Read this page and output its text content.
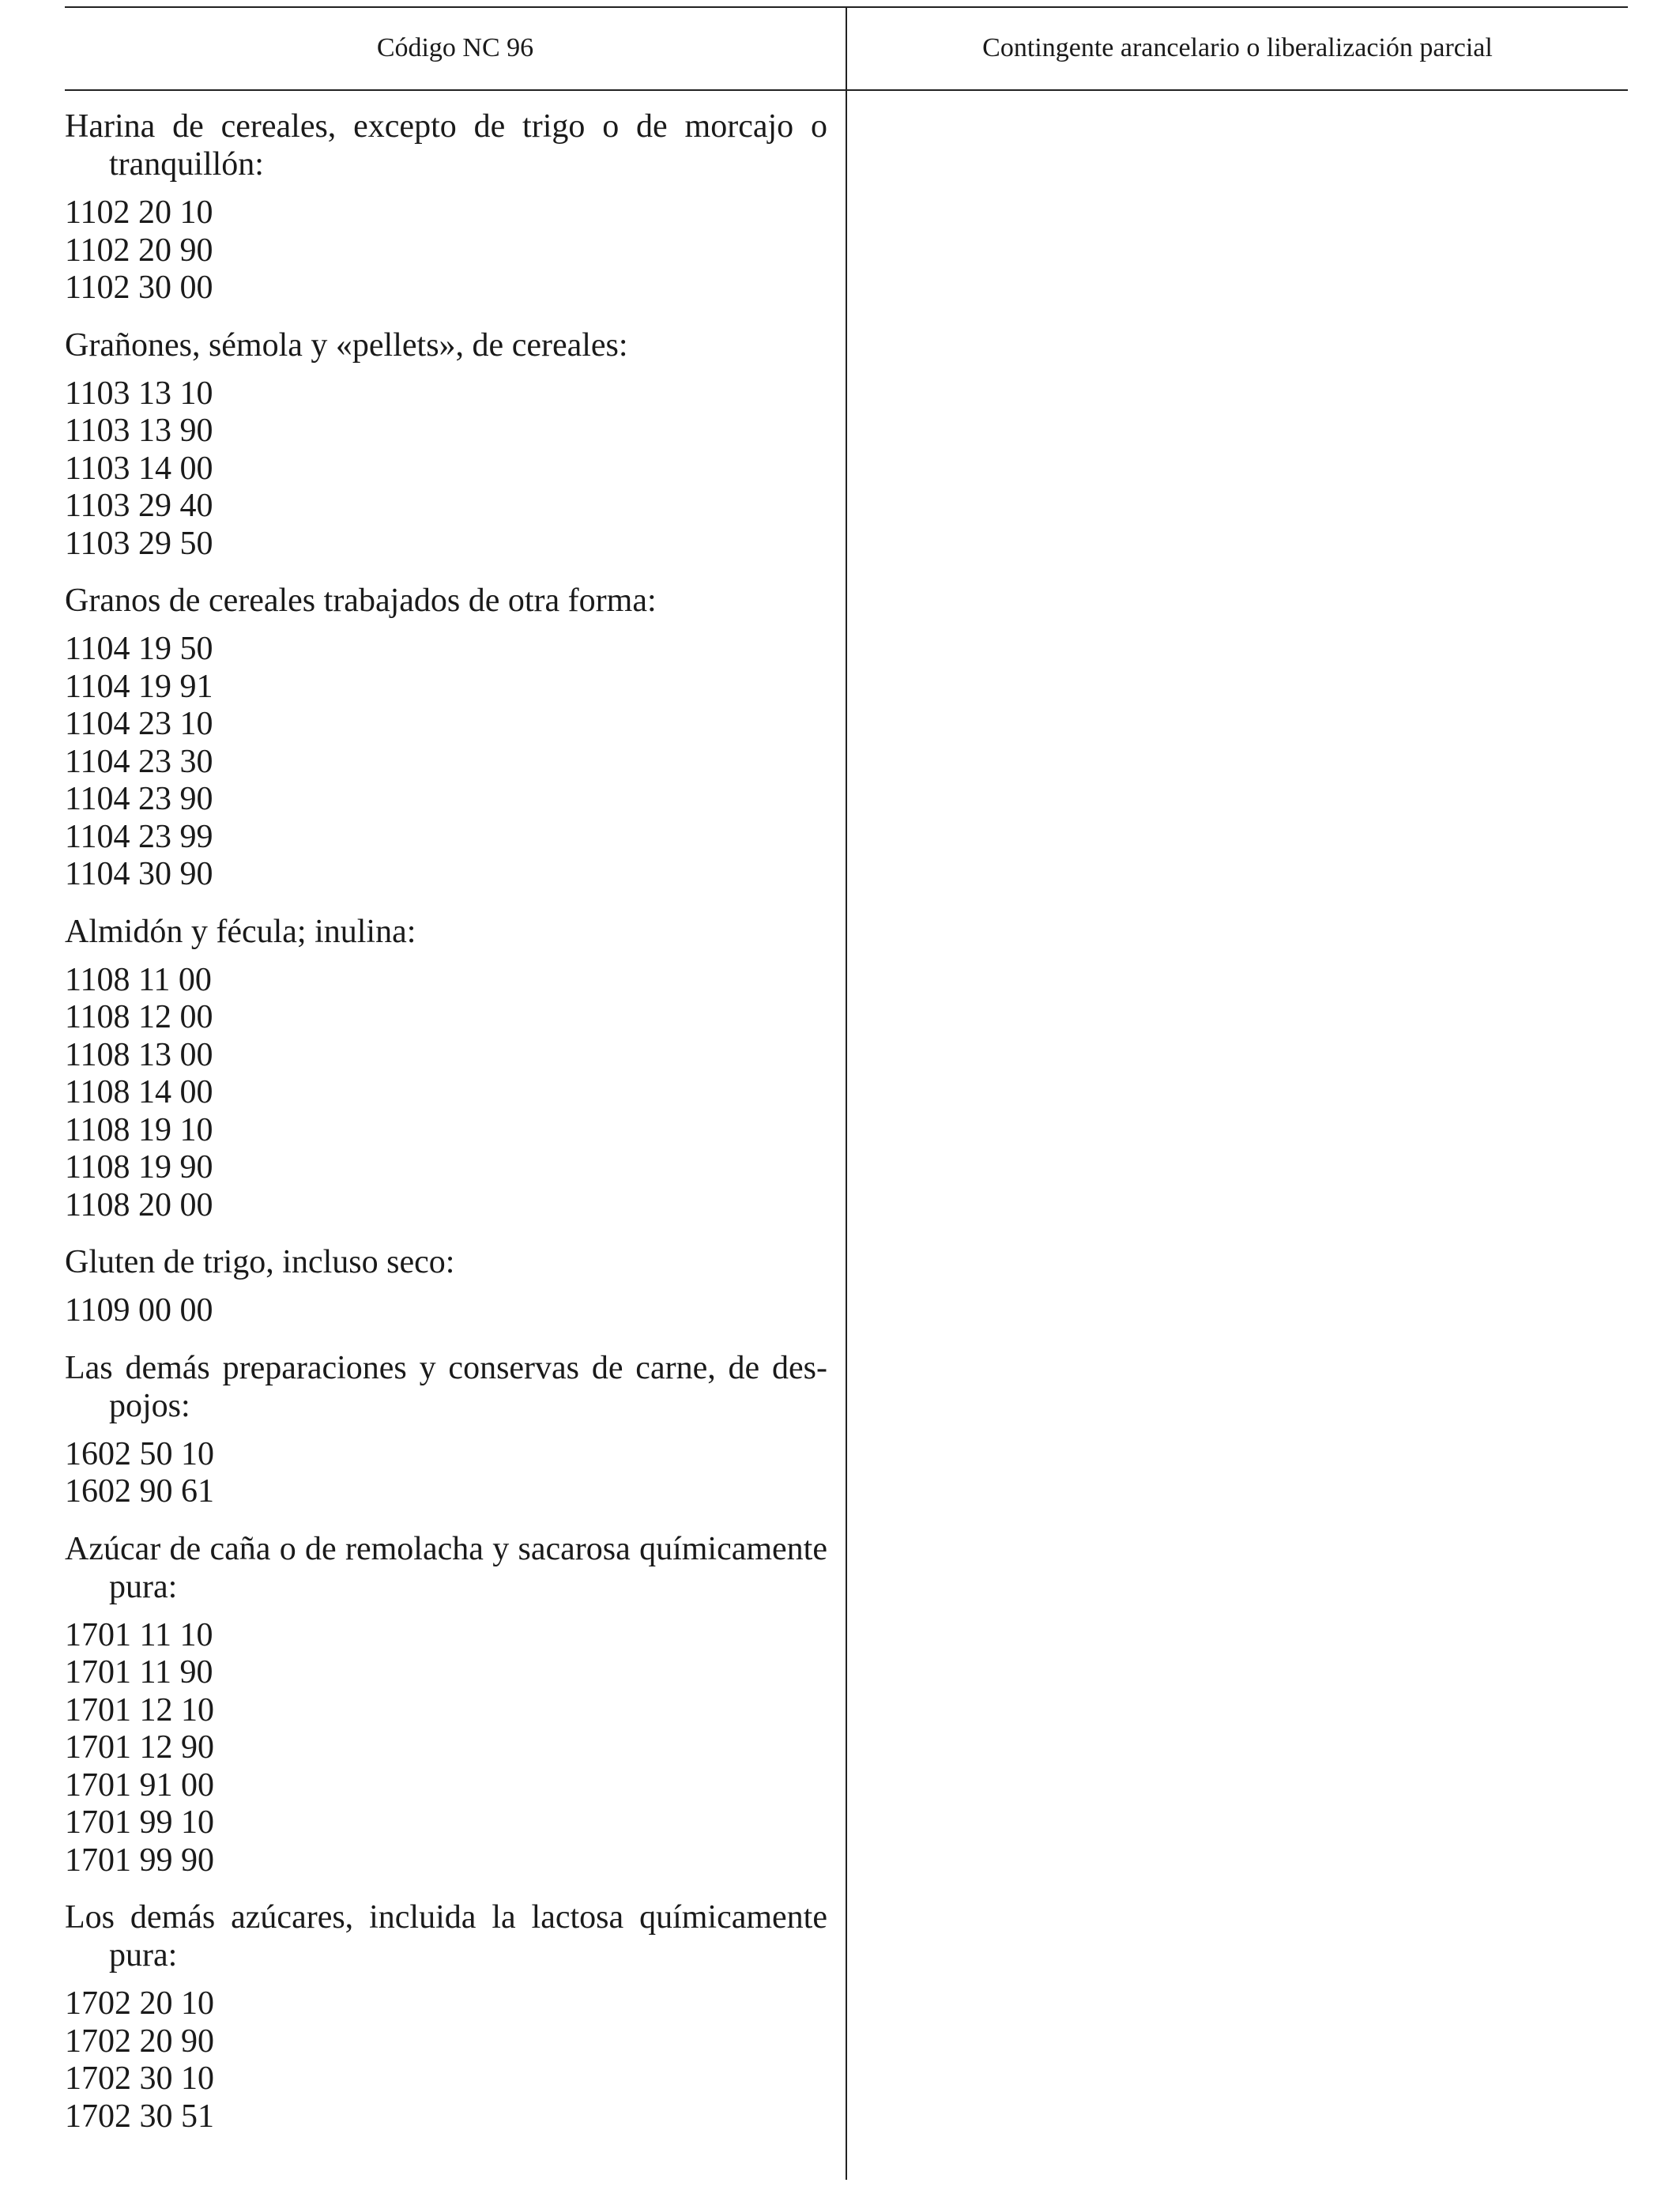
Código NC 96	Contingente arancelario o liberalización parcial

Harina de cereales, excepto de trigo o de morcajo o tranquillón:

1102 20 10
1102 20 90
1102 30 00

Grañones, sémola y «pellets», de cereales:

1103 13 10
1103 13 90
1103 14 00
1103 29 40
1103 29 50

Granos de cereales trabajados de otra forma:

1104 19 50
1104 19 91
1104 23 10
1104 23 30
1104 23 90
1104 23 99
1104 30 90

Almidón y fécula; inulina:

1108 11 00
1108 12 00
1108 13 00
1108 14 00
1108 19 10
1108 19 90
1108 20 00

Gluten de trigo, incluso seco:

1109 00 00

Las demás preparaciones y conservas de carne, de despojos:

1602 50 10
1602 90 61

Azúcar de caña o de remolacha y sacarosa químicamente pura:

1701 11 10
1701 11 90
1701 12 10
1701 12 90
1701 91 00
1701 99 10
1701 99 90

Los demás azúcares, incluida la lactosa químicamente pura:

1702 20 10
1702 20 90
1702 30 10
1702 30 51
